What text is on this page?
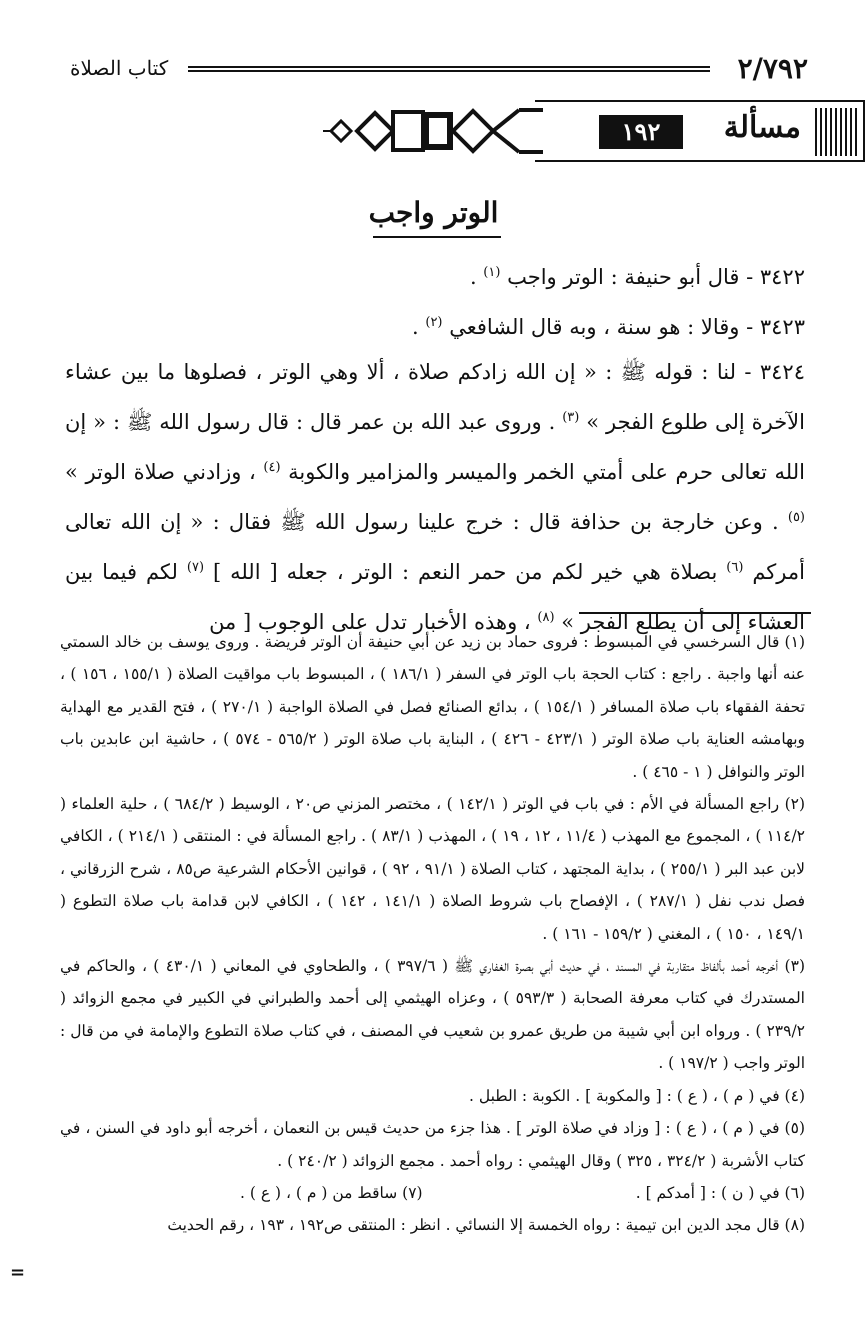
٢/٧٩٢
كتاب الصلاة
مسألة
١٩٢
الوتر واجب

٣٤٢٢ - قال أبو حنيفة : الوتر واجب $^{(١)}$ .

٣٤٢٣ - وقالا : هو سنة ، وبه قال الشافعي $^{(٢)}$ .

٣٤٢٤ - لنا : قوله ﷺ : « إن الله زادكم صلاة ، ألا وهي الوتر ، فصلوها ما بين عشاء الآخرة إلى طلوع الفجر » $^{(٣)}$ . وروى عبد الله بن عمر قال : قال رسول الله ﷺ : « إن الله تعالى حرم على أمتي الخمر والميسر والمزامير والكوبة $^{(٤)}$ ، وزادني صلاة الوتر » $^{(٥)}$ . وعن خارجة بن حذافة قال : خرج علينا رسول الله ﷺ فقال : « إن الله تعالى أمركم $^{(٦)}$ بصلاة هي خير لكم من حمر النعم : الوتر ، جعله [ الله ] $^{(٧)}$ لكم فيما بين العشاء إلى أن يطلع الفجر » $^{(٨)}$ ، وهذه الأخبار تدل على الوجوب [ من

(١) قال السرخسي في المبسوط : فروى حماد بن زيد عن أبي حنيفة أن الوتر فريضة . وروى يوسف بن خالد السمتي عنه أنها واجبة . راجع : كتاب الحجة باب الوتر في السفر ( ١٨٦/١ ) ، المبسوط باب مواقيت الصلاة ( ١٥٥/١ ، ١٥٦ ) ، تحفة الفقهاء باب صلاة المسافر ( ١٥٤/١ ) ، بدائع الصنائع فصل في الصلاة الواجبة ( ٢٧٠/١ ) ، فتح القدير مع الهداية وبهامشه العناية باب صلاة الوتر ( ٤٢٣/١ - ٤٢٦ ) ، البناية باب صلاة الوتر ( ٥٦٥/٢ - ٥٧٤ ) ، حاشية ابن عابدين باب الوتر والنوافل ( ١ - ٤٦٥ ) .

(٢) راجع المسألة في الأم : في باب في الوتر ( ١٤٢/١ ) ، مختصر المزني ص٢٠ ، الوسيط ( ٦٨٤/٢ ) ، حلية العلماء ( ١١٤/٢ ) ، المجموع مع المهذب ( ١١/٤ ، ١٢ ، ١٩ ) ، المهذب ( ٨٣/١ ) . راجع المسألة في : المنتقى ( ٢١٤/١ ) ، الكافي لابن عبد البر ( ٢٥٥/١ ) ، بداية المجتهد ، كتاب الصلاة ( ٩١/١ ، ٩٢ ) ، قوانين الأحكام الشرعية ص٨٥ ، شرح الزرقاني ، فصل ندب نفل ( ٢٨٧/١ ) ، الإفصاح باب شروط الصلاة ( ١٤١/١ ، ١٤٢ ) ، الكافي لابن قدامة باب صلاة التطوع ( ١٤٩/١ ، ١٥٠ ) ، المغني ( ١٥٩/٢ - ١٦١ ) .

(٣) أخرجه أحمد بألفاظ متقاربة في المسند ، في حديث أبي بصرة الغفاري ﷺ ( ٣٩٧/٦ ) ، والطحاوي في المعاني ( ٤٣٠/١ ) ، والحاكم في المستدرك في كتاب معرفة الصحابة ( ٥٩٣/٣ ) ، وعزاه الهيثمي إلى أحمد والطبراني في الكبير في مجمع الزوائد ( ٢٣٩/٢ ) . ورواه ابن أبي شيبة من طريق عمرو بن شعيب في المصنف ، في كتاب صلاة التطوع والإمامة في من قال : الوتر واجب ( ١٩٧/٢ ) .

(٤) في ( م ) ، ( ع ) : [ والمكوبة ] . الكوبة : الطبل .

(٥) في ( م ) ، ( ع ) : [ وزاد في صلاة الوتر ] . هذا جزء من حديث قيس بن النعمان ، أخرجه أبو داود في السنن ، في كتاب الأشربة ( ٣٢٤/٢ ، ٣٢٥ ) وقال الهيثمي : رواه أحمد . مجمع الزوائد ( ٢٤٠/٢ ) .

(٦) في ( ن ) : [ أمدكم ] .
(٧) ساقط من ( م ) ، ( ع ) .

(٨) قال مجد الدين ابن تيمية : رواه الخمسة إلا النسائي . انظر : المنتقى ص١٩٢ ، ١٩٣ ، رقم الحديث

=
